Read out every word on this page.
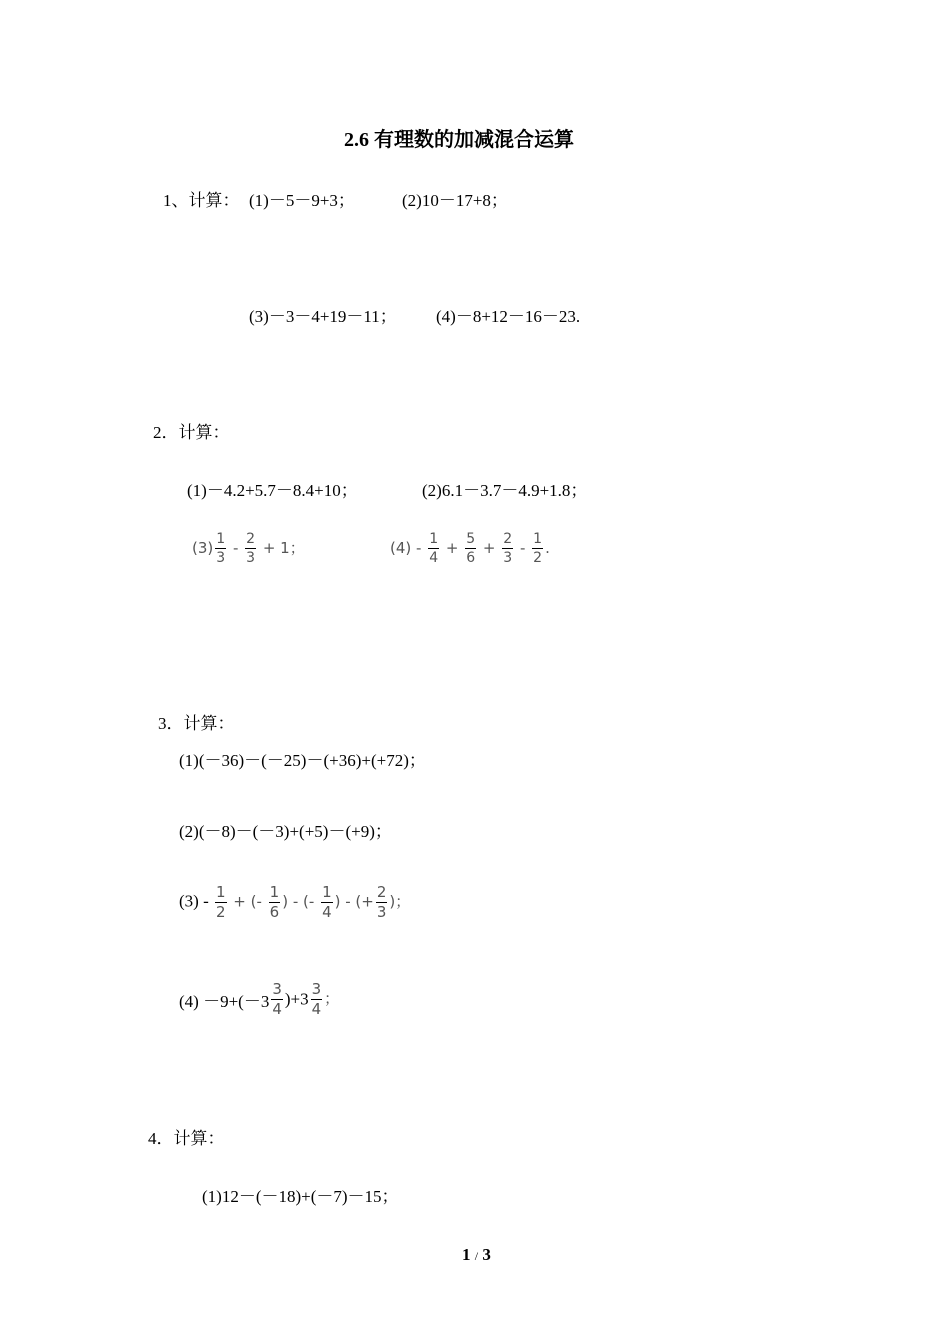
2.6 有理数的加减混合运算
1、计算： (1)－5－9+3；	(2)10－17+8；
(3)－3－4+19－11； (4)－8+12－16－23.
2．计算：
(1)－4.2+5.7－8.4+10；	(2)6.1－3.7－4.9+1.8；
$(3) \frac{1}{3} - \frac{2}{3} + 1$；	$(4) - \frac{1}{4} + \frac{5}{6} + \frac{2}{3} - \frac{1}{2}$ .
3．计算：
(1)(－36)－(－25)－(+36)+(+72)；
(2)(－8)－(－3)+(+5)－(+9)；
$(3) - \frac{1}{2}$ + (- $\frac{1}{6}$ ) - (- $\frac{1}{4}$ ) - (+ $\frac{2}{3}$ )；
$(4) -9+(-3 \frac{3}{4} )+3 \frac{3}{4}$ ；
4．计算：
(1)12－(－18)+(－7)－15；
1 / 3
